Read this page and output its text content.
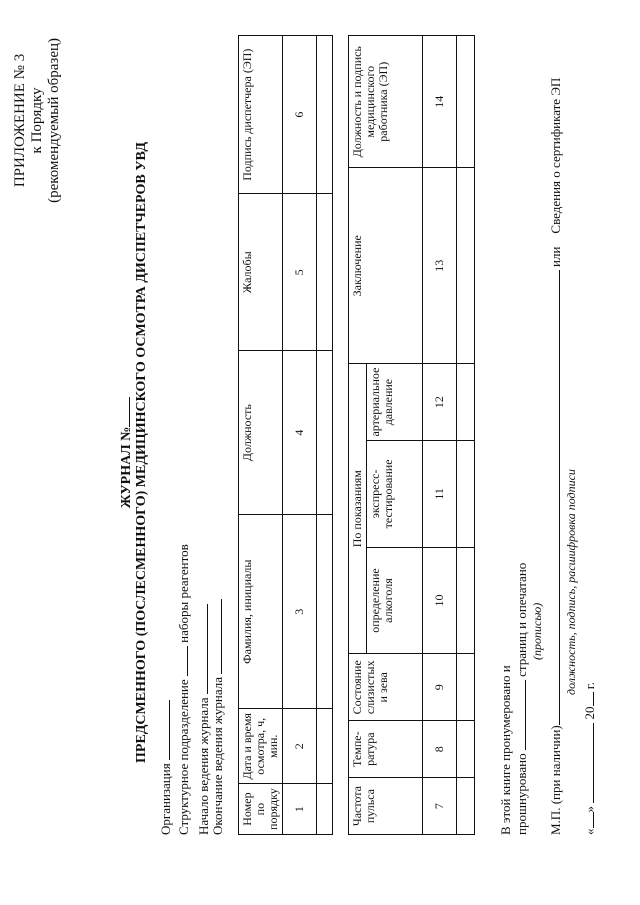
ПРИЛОЖЕНИЕ № 3 к Порядку (рекомендуемый образец)
ЖУРНАЛ № ПРЕДСМЕННОГО (ПОСЛЕСМЕННОГО) МЕДИЦИНСКОГО ОСМОТРА ДИСПЕТЧЕРОВ УВД
Организация Структурное подразделение  наборы реагентов
Начало ведения журнала Окончание ведения журнала Номер по порядку	Дата и время осмотра, ч, мин.	Фамилия, инициалы	Должность	Жалобы	Подпись диспетчера (ЭП)
1	2	3	4	5	6

Частота пульса	Темпе-ратура	Состояние слизистых и зева	По показаниям			Заключение	Должность и подпись медицинского работника (ЭП)
			определение алкоголя	экспресс-тестирование	артериальное давление		
7	8	9	10	11	12	13	14

В этой книге пронумеровано и прошнуровано  страниц и опечатано (прописью)
М.П. (при наличии) или    Сведения о сертификате ЭП
должность, подпись, расшифровка подписи
«»  20 г.
